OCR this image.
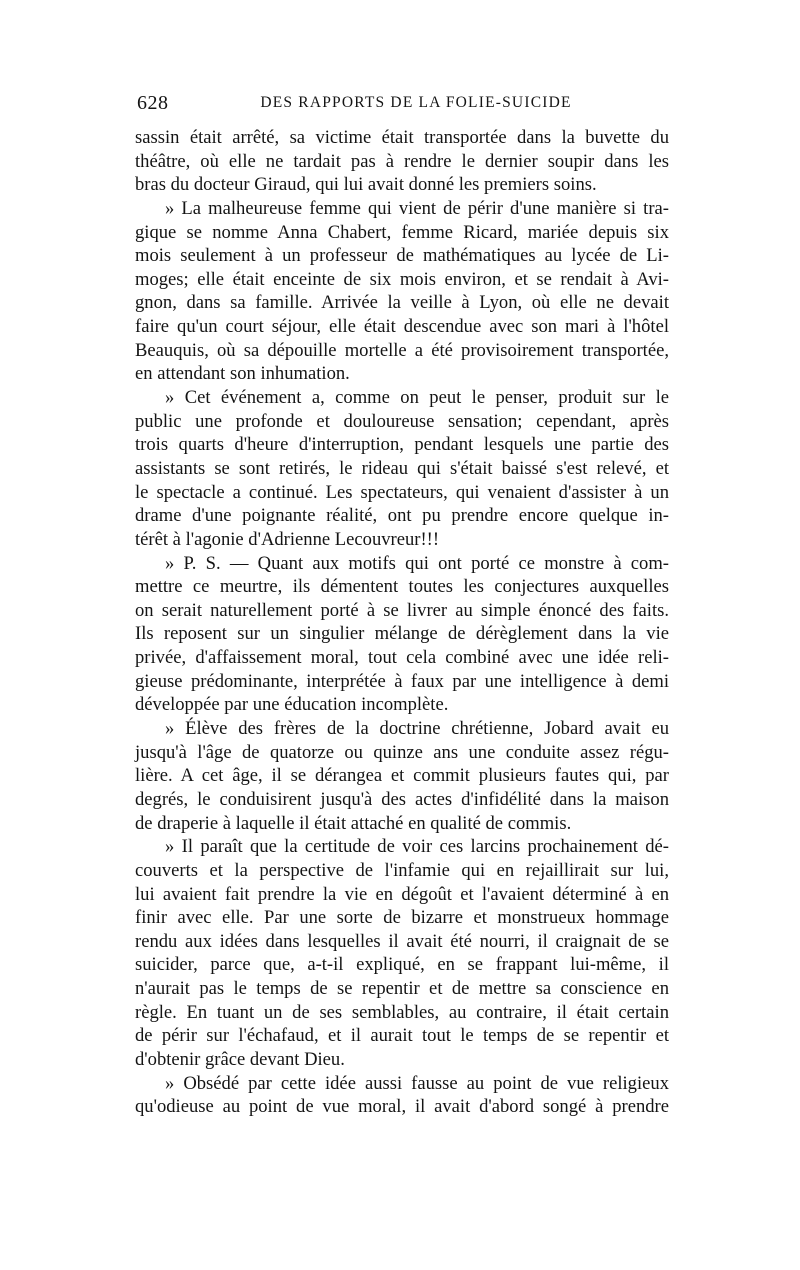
628	DES RAPPORTS DE LA FOLIE-SUICIDE
sassin était arrêté, sa victime était transportée dans la buvette du
théâtre, où elle ne tardait pas à rendre le dernier soupir dans les
bras du docteur Giraud, qui lui avait donné les premiers soins.
» La malheureuse femme qui vient de périr d'une manière si tra-
gique se nomme Anna Chabert, femme Ricard, mariée depuis six
mois seulement à un professeur de mathématiques au lycée de Li-
moges; elle était enceinte de six mois environ, et se rendait à Avi-
gnon, dans sa famille. Arrivée la veille à Lyon, où elle ne devait
faire qu'un court séjour, elle était descendue avec son mari à l'hôtel
Beauquis, où sa dépouille mortelle a été provisoirement transportée,
en attendant son inhumation.
» Cet événement a, comme on peut le penser, produit sur le
public une profonde et douloureuse sensation; cependant, après
trois quarts d'heure d'interruption, pendant lesquels une partie des
assistants se sont retirés, le rideau qui s'était baissé s'est relevé, et
le spectacle a continué. Les spectateurs, qui venaient d'assister à un
drame d'une poignante réalité, ont pu prendre encore quelque in-
térêt à l'agonie d'Adrienne Lecouvreur!!!
» P. S. — Quant aux motifs qui ont porté ce monstre à com-
mettre ce meurtre, ils démentent toutes les conjectures auxquelles
on serait naturellement porté à se livrer au simple énoncé des faits.
Ils reposent sur un singulier mélange de dérèglement dans la vie
privée, d'affaissement moral, tout cela combiné avec une idée reli-
gieuse prédominante, interprétée à faux par une intelligence à demi
développée par une éducation incomplète.
» Élève des frères de la doctrine chrétienne, Jobard avait eu
jusqu'à l'âge de quatorze ou quinze ans une conduite assez régu-
lière. A cet âge, il se dérangea et commit plusieurs fautes qui, par
degrés, le conduisirent jusqu'à des actes d'infidélité dans la maison
de draperie à laquelle il était attaché en qualité de commis.
» Il paraît que la certitude de voir ces larcins prochainement dé-
couverts et la perspective de l'infamie qui en rejaillirait sur lui,
lui avaient fait prendre la vie en dégoût et l'avaient déterminé à en
finir avec elle. Par une sorte de bizarre et monstrueux hommage
rendu aux idées dans lesquelles il avait été nourri, il craignait de se
suicider, parce que, a-t-il expliqué, en se frappant lui-même, il
n'aurait pas le temps de se repentir et de mettre sa conscience en
règle. En tuant un de ses semblables, au contraire, il était certain
de périr sur l'échafaud, et il aurait tout le temps de se repentir et
d'obtenir grâce devant Dieu.
» Obsédé par cette idée aussi fausse au point de vue religieux
qu'odieuse au point de vue moral, il avait d'abord songé à prendre
